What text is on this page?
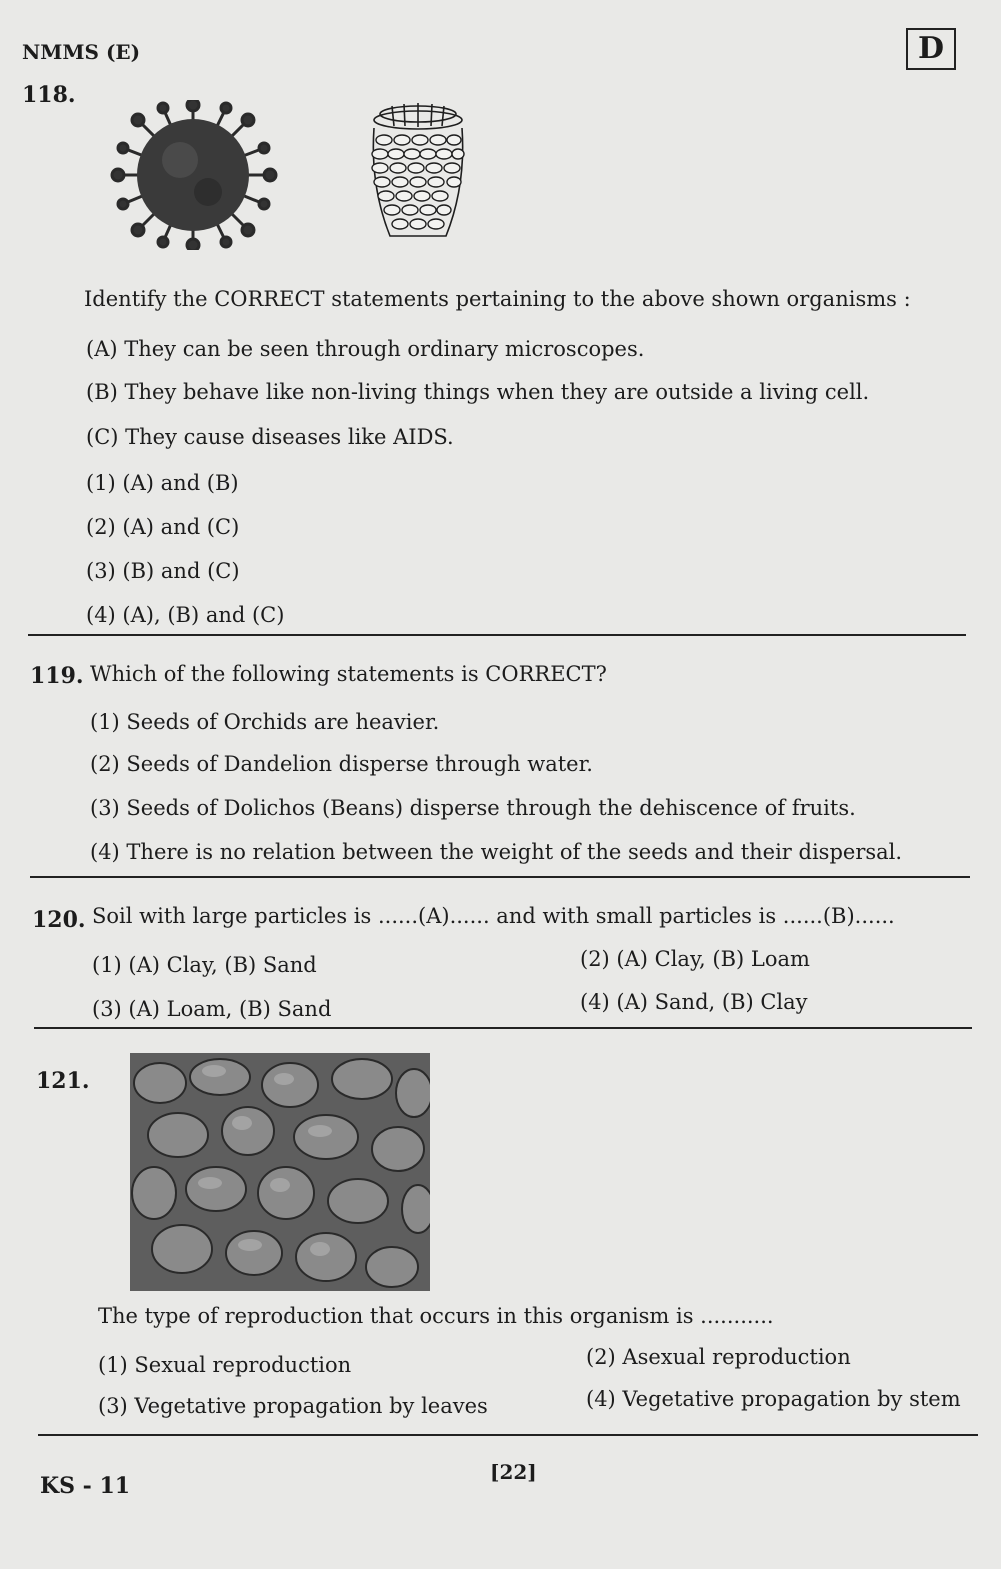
NMMS (E)	D
118.
Identify the CORRECT statements pertaining to the above shown organisms :
(A) They can be seen through ordinary microscopes.
(B) They behave like non-living things when they are outside a living cell.
(C) They cause diseases like AIDS.
(1) (A) and (B)
(2) (A) and (C)
(3) (B) and (C)
(4) (A), (B) and (C)
119. Which of the following statements is CORRECT?
(1) Seeds of Orchids are heavier.
(2) Seeds of Dandelion disperse through water.
(3) Seeds of Dolichos (Beans) disperse through the dehiscence of fruits.
(4) There is no relation between the weight of the seeds and their dispersal.
120. Soil with large particles is ......(A)...... and with small particles is ......(B)......
(1) (A) Clay, (B) Sand	(2) (A) Clay, (B) Loam
(3) (A) Loam, (B) Sand	(4) (A) Sand, (B) Clay
121.
The type of reproduction that occurs in this organism is ...........
(1) Sexual reproduction	(2) Asexual reproduction
(3) Vegetative propagation by leaves	(4) Vegetative propagation by stem
KS - 11
[22]
